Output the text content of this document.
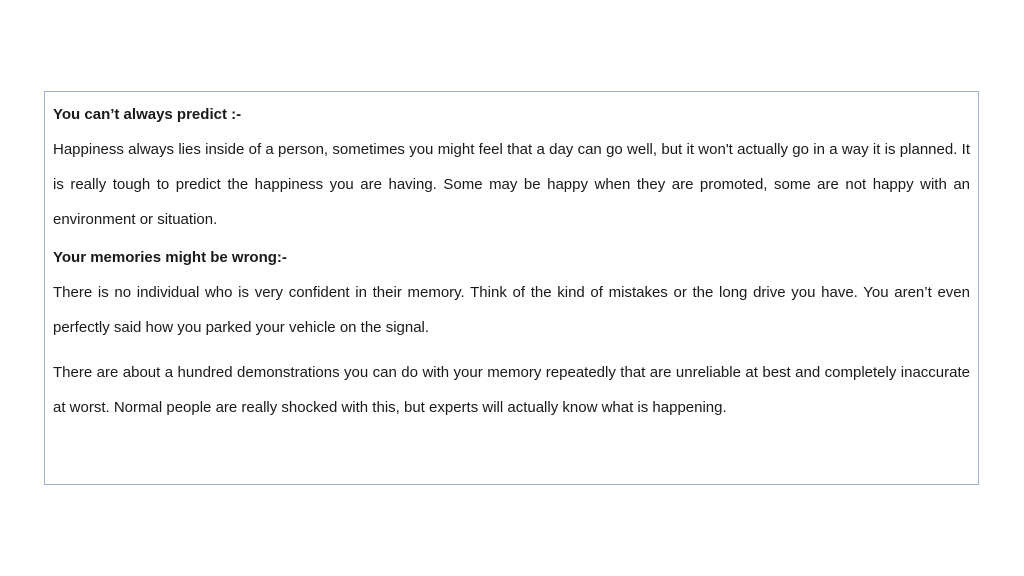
You can’t always predict :-

Happiness always lies inside of a person, sometimes you might feel that a day can go well, but it won't actually go in a way it is planned. It is really tough to predict the happiness you are having. Some may be happy when they are promoted, some are not happy with an environment or situation.

Your memories might be wrong:-

There is no individual who is very confident in their memory. Think of the kind of mistakes or the long drive you have. You aren’t even perfectly said how you parked your vehicle on the signal.

There are about a hundred demonstrations you can do with your memory repeatedly that are unreliable at best and completely inaccurate at worst. Normal people are really shocked with this, but experts will actually know what is happening.
